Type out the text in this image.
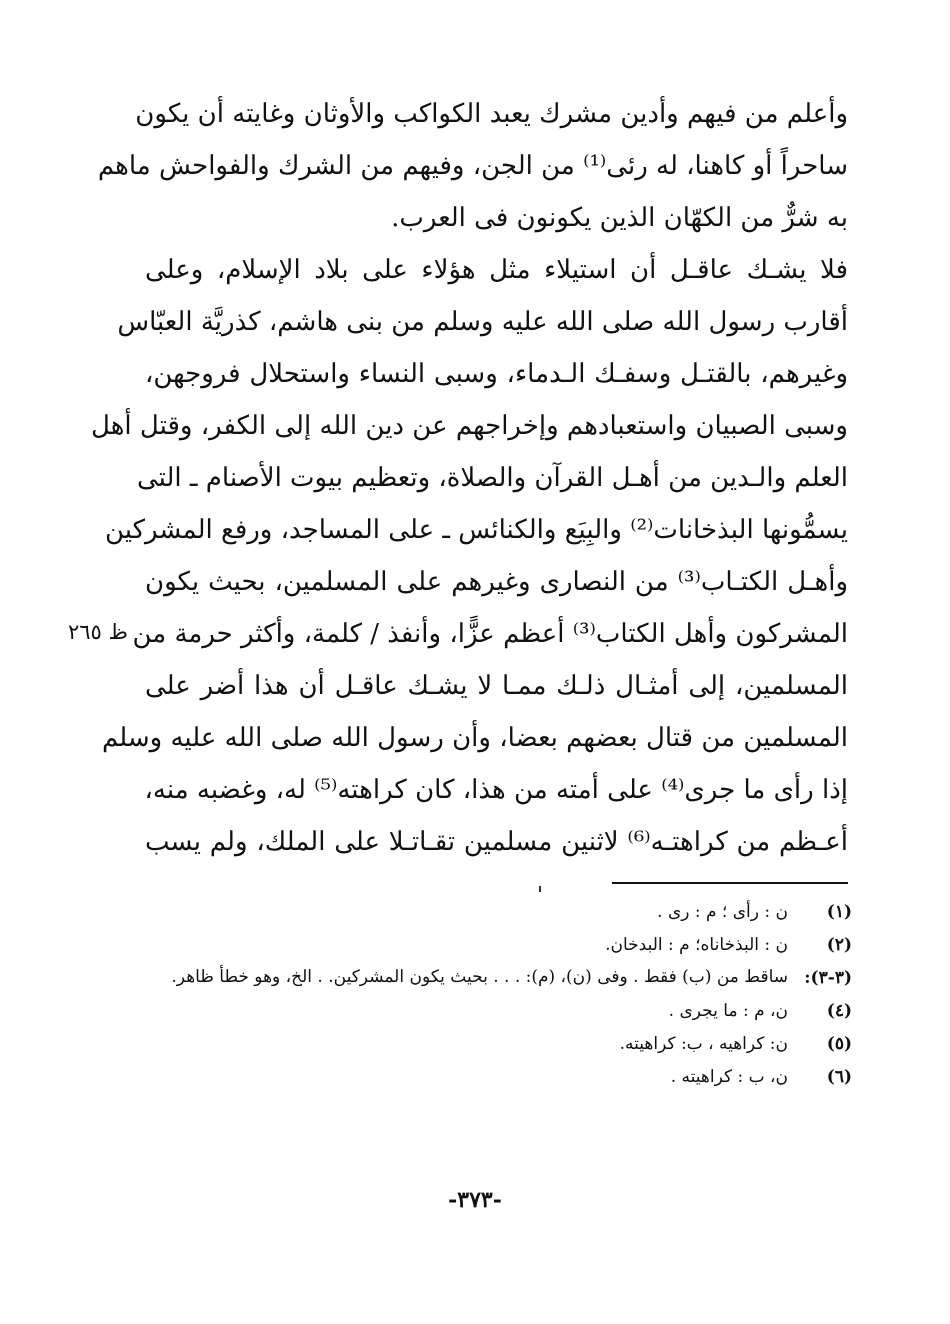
وأعلم من فيهم وأدين مشرك يعبد الكواكب والأوثان وغايته أن يكون
ساحراً أو كاهنا، له رئى⁽¹⁾ من الجن، وفيهم من الشرك والفواحش ماهم
به شرٌّ من الكهّان الذين يكونون فى العرب.
فلا يشـك عاقـل أن استيلاء مثل هؤلاء على بلاد الإسلام، وعلى
أقارب رسول الله صلى الله عليه وسلم من بنى هاشم، كذريَّة العبّاس
وغيرهم، بالقتـل وسفـك الـدماء، وسبى النساء واستحلال فروجهن،
وسبى الصبيان واستعبادهم وإخراجهم عن دين الله إلى الكفر، وقتل أهل
العلم والـدين من أهـل القرآن والصلاة، وتعظيم بيوت الأصنام ـ التى
يسمُّونها البذخانات⁽²⁾ والبِيَع والكنائس ـ على المساجد، ورفع المشركين
وأهـل الكتـاب⁽³⁾ من النصارى وغيرهم على المسلمين، بحيث يكون
المشركون وأهل الكتاب⁽³⁾ أعظم عزًّا، وأنفذ / كلمة، وأكثر حرمة من
المسلمين، إلى أمثـال ذلـك ممـا لا يشـك عاقـل أن هذا أضر على
المسلمين من قتال بعضهم بعضا، وأن رسول الله صلى الله عليه وسلم
إذا رأى ما جرى⁽⁴⁾ على أمته من هذا، كان كراهته⁽⁵⁾ له، وغضبه منه،
أعـظم من كراهتـه⁽⁶⁾ لاثنين مسلمين تقـاتـلا على الملك، ولم يسب
ظ ٢٦٥
(١)
ن : رأى ؛ م : رى .
(٢)
ن : البذخاناه؛ م : البدخان.
(٣-٣):
ساقط من (ب) فقط . وفى (ن)، (م): . . . بحيث يكون المشركين. . الخ، وهو خطأ ظاهر.
(٤)
ن، م : ما يجرى .
(٥)
ن: كراهيه ، ب: كراهيته.
(٦)
ن، ب : كراهيته .
-٣٧٣-
